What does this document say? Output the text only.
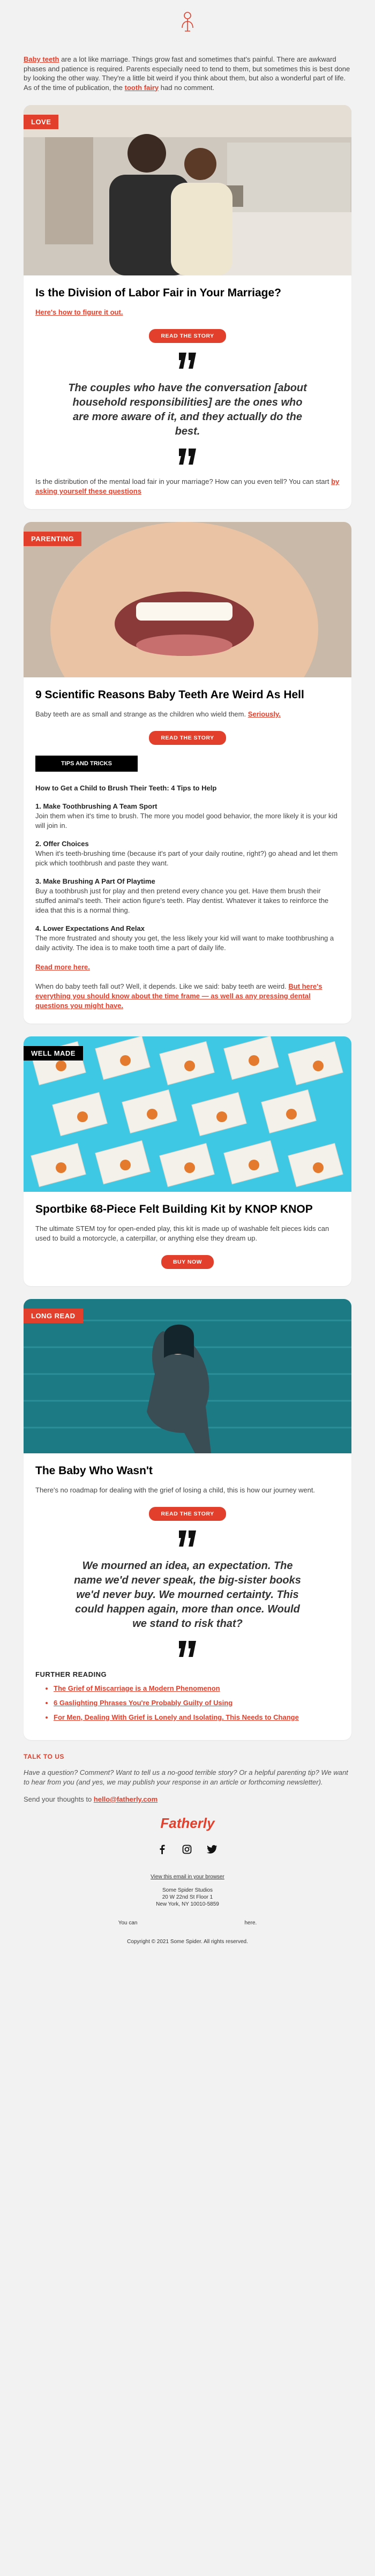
Baby teeth are a lot like marriage. Things grow fast and sometimes that's painful. There are awkward phases and patience is required. Parents especially need to tend to them, but sometimes this is best done by looking the other way. They're a little bit weird if you think about them, but also a wonderful part of life. As of the time of publication, the tooth fairy had no comment.
LOVE
Is the Division of Labor Fair in Your Marriage?

Here's how to figure it out.

READ THE STORY
The couples who have the conversation [about household responsibilities] are the ones who are more aware of it, and they actually do the best.

Is the distribution of the mental load fair in your marriage? How can you even tell? You can start by asking yourself these questions

PARENTING
9 Scientific Reasons Baby Teeth Are Weird As Hell

Baby teeth are as small and strange as the children who wield them. Seriously.

READ THE STORY
TIPS AND TRICKS

How to Get a Child to Brush Their Teeth: 4 Tips to Help

1. Make Toothbrushing A Team Sport

Join them when it's time to brush. The more you model good behavior, the more likely it is your kid will join in.

2. Offer Choices

When it's teeth-brushing time (because it's part of your daily routine, right?) go ahead and let them pick which toothbrush and paste they want.

3. Make Brushing A Part Of Playtime

Buy a toothbrush just for play and then pretend every chance you get. Have them brush their stuffed animal's teeth. Their action figure's teeth. Play dentist. Whatever it takes to reinforce the idea that this is a normal thing.

4. Lower Expectations And Relax

The more frustrated and shouty you get, the less likely your kid will want to make toothbrushing a daily activity. The idea is to make tooth time a part of daily life.

Read more here.

When do baby teeth fall out? Well, it depends. Like we said: baby teeth are weird. But here's everything you should know about the time frame — as well as any pressing dental questions you might have.

WELL MADE
Sportbike 68-Piece Felt Building Kit by KNOP KNOP

The ultimate STEM toy for open-ended play, this kit is made up of washable felt pieces kids can used to build a motorcycle, a caterpillar, or anything else they dream up.

BUY NOW
LONG READ
The Baby Who Wasn't

There's no roadmap for dealing with the grief of losing a child, this is how our journey went.

READ THE STORY
We mourned an idea, an expectation. The name we'd never speak, the big-sister books we'd never buy. We mourned certainty. This could happen again, more than once. Would we stand to risk that?
FURTHER READING
• The Grief of Miscarriage is a Modern Phenomenon
• 6 Gaslighting Phrases You're Probably Guilty of Using
• For Men, Dealing With Grief is Lonely and Isolating. This Needs to Change
TALK TO US

Have a question? Comment? Want to tell us a no-good terrible story? Or a helpful parenting tip? We want to hear from you (and yes, we may publish your response in an article or forthcoming newsletter).

Send your thoughts to hello@fatherly.com

Fatherly

View this email in your browser

Some Spider Studios

20 W 22nd St Floor 1

New York, NY 10010-5859

You can	here.

Copyright © 2021 Some Spider. All rights reserved.
